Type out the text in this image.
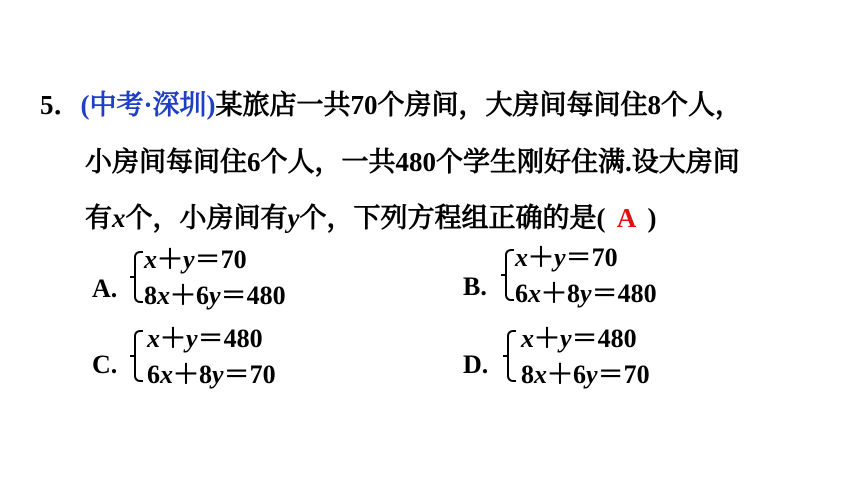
5．(中考·深圳)某旅店一共70个房间，大房间每间住8个人，
小房间每间住6个人，一共480个学生刚好住满.设大房间
有x个，小房间有y个，下列方程组正确的是( A )
A.
x＋y＝70
8x＋6y＝480	B.
x＋y＝70
6x＋8y＝480
C.
x＋y＝480
6x＋8y＝70	D.
x＋y＝480
8x＋6y＝70
